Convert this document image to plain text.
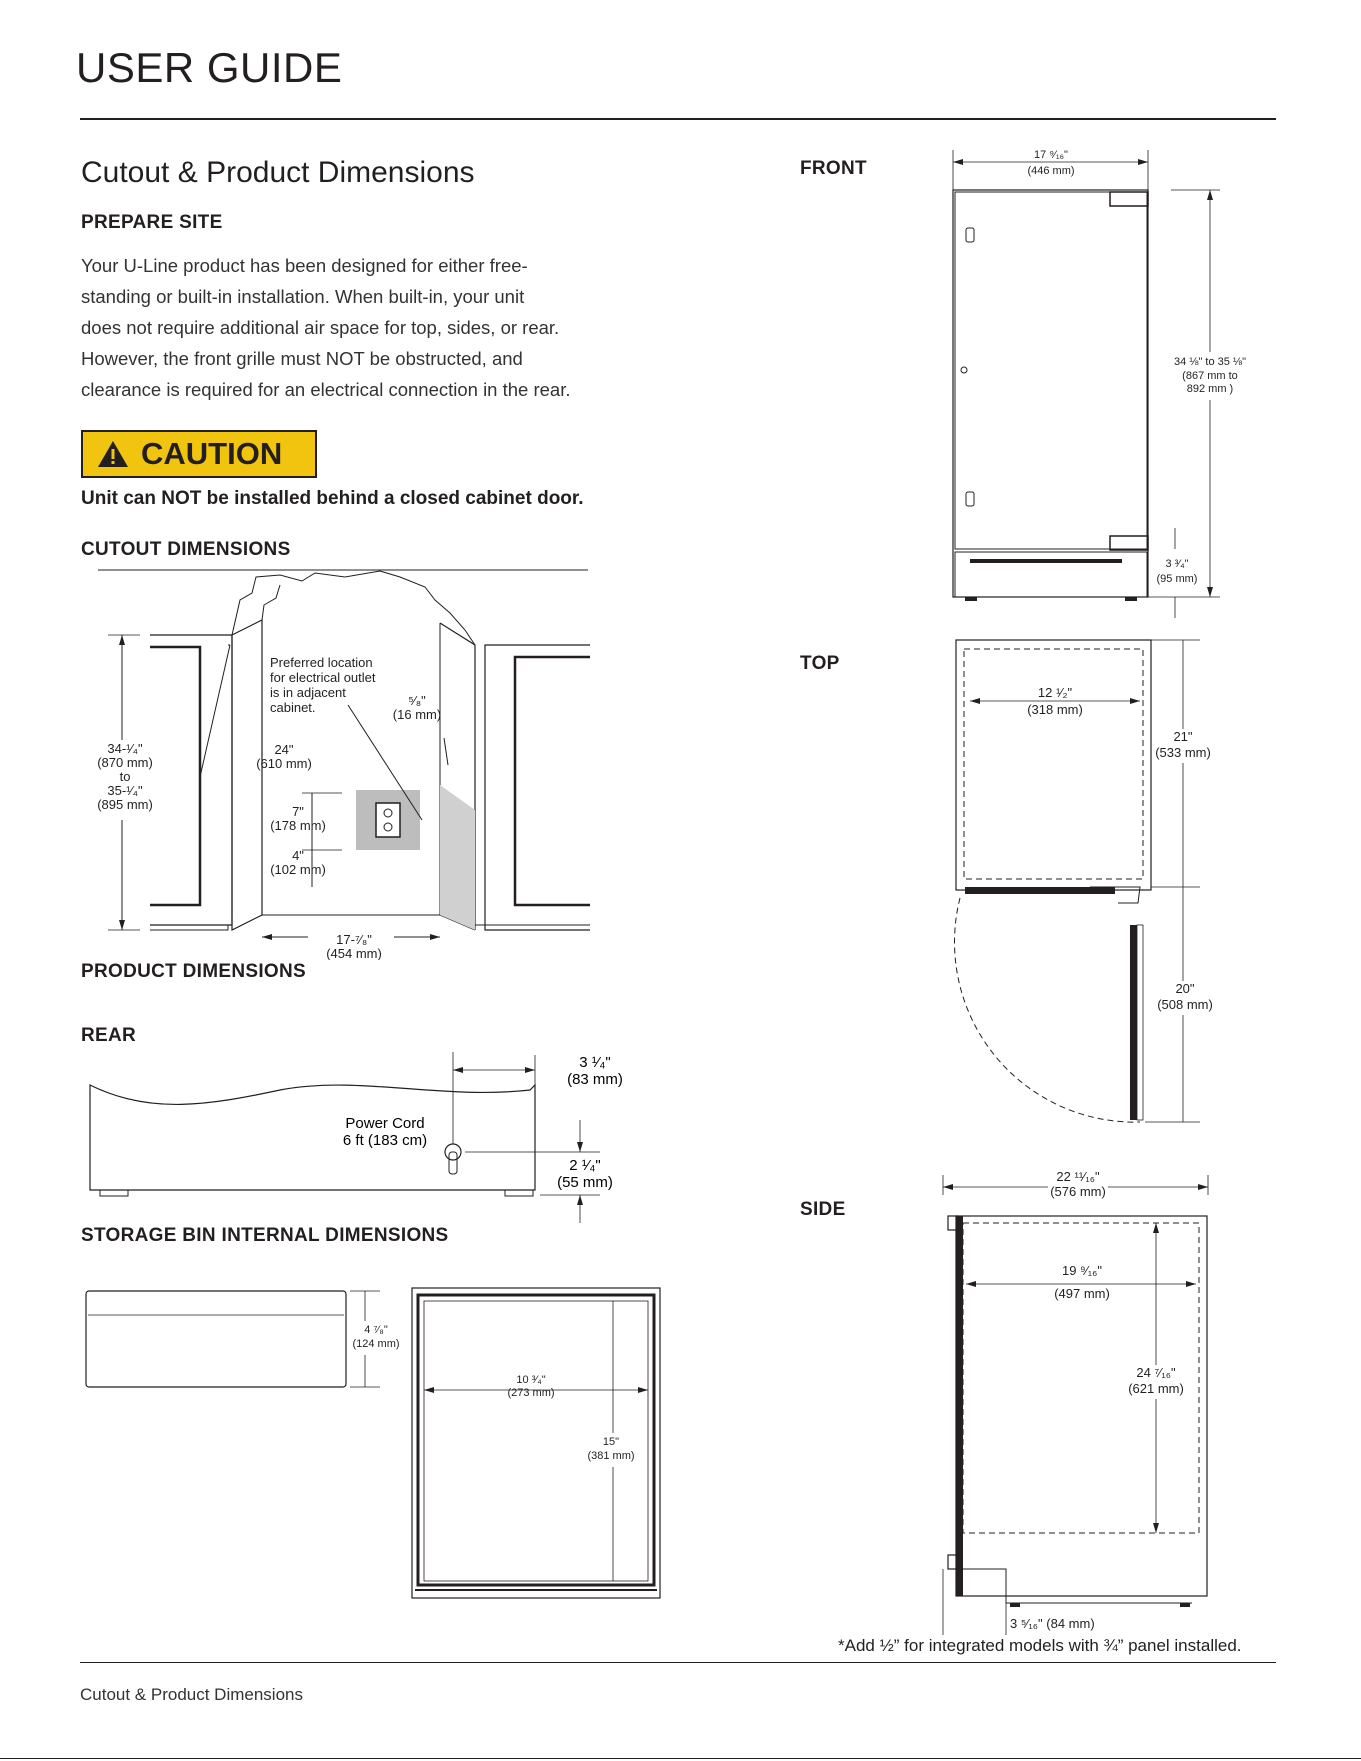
USER GUIDE
Cutout & Product Dimensions
PREPARE SITE
Your U-Line product has been designed for either free-
standing or built-in installation. When built-in, your unit
does not require additional air space for top, sides, or rear.
However, the front grille must NOT be obstructed, and
clearance is required for an electrical connection in the rear.
CAUTION
Unit can NOT be installed behind a closed cabinet door.
CUTOUT DIMENSIONS
34-¹⁄₄"
(870 mm)
to
35-¹⁄₄"
(895 mm)
24"
(610 mm)
Preferred location
for electrical outlet
is in adjacent
cabinet.	⁵⁄₈"
(16 mm)
7"
(178 mm)
4"
(102 mm)
17-⁷⁄₈"
(454 mm)
PRODUCT DIMENSIONS
REAR
Power Cord
6 ft (183 cm)
3 ¹⁄₄"
(83 mm)
2 ¹⁄₄"
(55 mm)
STORAGE BIN INTERNAL DIMENSIONS
4 ⁷⁄₈"
(124 mm)
10 ³⁄₄"
(273 mm)
15"
(381 mm)
FRONT
TOP
SIDE
17 ⁹⁄₁₆"
(446 mm)
34 ⅛" to 35 ⅛"
(867 mm to
892 mm )
3 ³⁄₄"
(95 mm)
12 ¹⁄₂"
(318 mm)
21"
(533 mm)
20"
(508 mm)
22 ¹¹⁄₁₆"
(576 mm)
19 ⁹⁄₁₆"
(497 mm)
24 ⁷⁄₁₆"
(621 mm)
3 ⁵⁄₁₆" (84 mm)
*Add ½” for integrated models with ¾” panel installed.
Cutout & Product Dimensions
